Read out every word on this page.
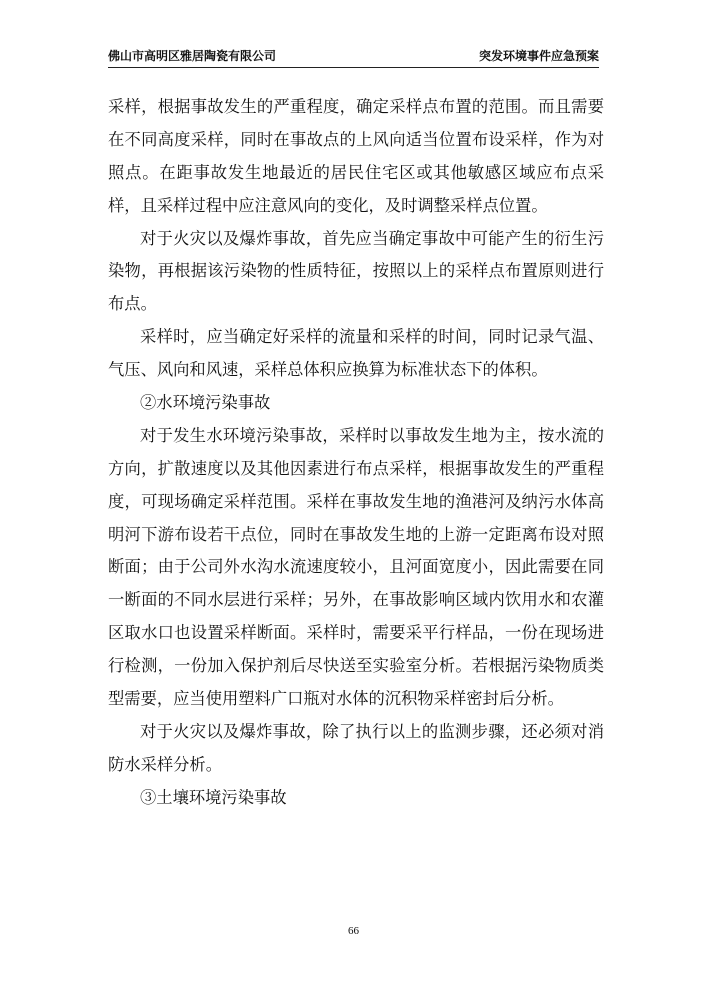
佛山市高明区雅居陶瓷有限公司	突发环境事件应急预案
采样，根据事故发生的严重程度，确定采样点布置的范围。而且需要
在不同高度采样，同时在事故点的上风向适当位置布设采样，作为对
照点。在距事故发生地最近的居民住宅区或其他敏感区域应布点采
样，且采样过程中应注意风向的变化，及时调整采样点位置。
对于火灾以及爆炸事故，首先应当确定事故中可能产生的衍生污
染物，再根据该污染物的性质特征，按照以上的采样点布置原则进行
布点。
采样时，应当确定好采样的流量和采样的时间，同时记录气温、
气压、风向和风速，采样总体积应换算为标准状态下的体积。
②水环境污染事故
对于发生水环境污染事故，采样时以事故发生地为主，按水流的
方向，扩散速度以及其他因素进行布点采样，根据事故发生的严重程
度，可现场确定采样范围。采样在事故发生地的渔港河及纳污水体高
明河下游布设若干点位，同时在事故发生地的上游一定距离布设对照
断面；由于公司外水沟水流速度较小，且河面宽度小，因此需要在同
一断面的不同水层进行采样；另外，在事故影响区域内饮用水和农灌
区取水口也设置采样断面。采样时，需要采平行样品，一份在现场进
行检测，一份加入保护剂后尽快送至实验室分析。若根据污染物质类
型需要，应当使用塑料广口瓶对水体的沉积物采样密封后分析。
对于火灾以及爆炸事故，除了执行以上的监测步骤，还必须对消
防水采样分析。
③土壤环境污染事故
66
